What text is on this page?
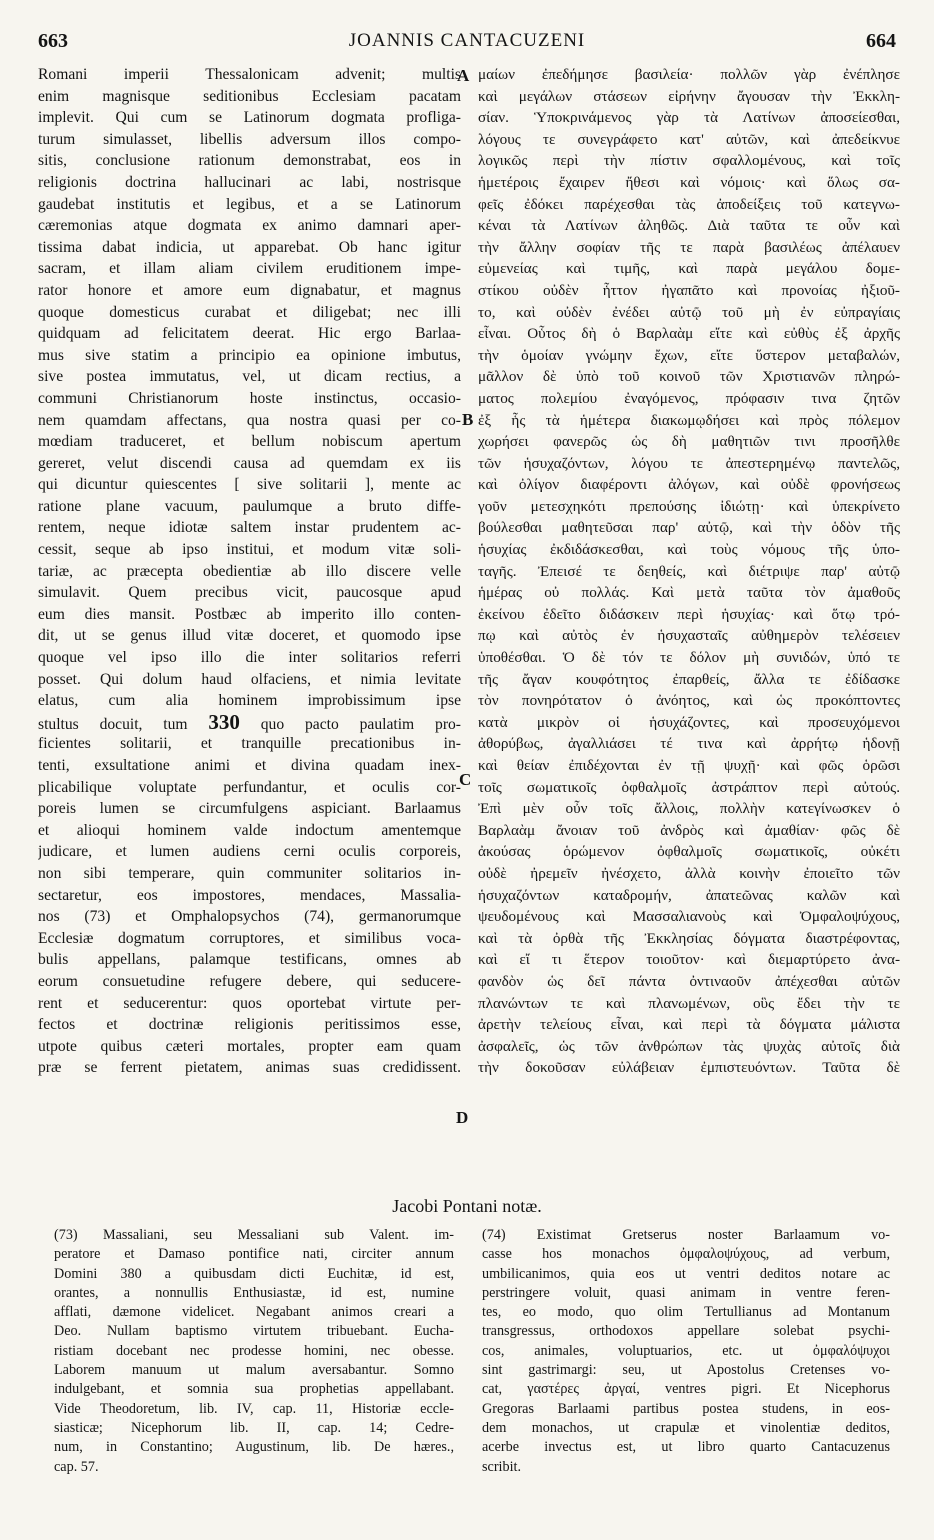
663	JOANNIS CANTACUZENI	664
Romani imperii Thessalonicam advenit; multis
enim magnisque seditionibus Ecclesiam pacatam
implevit. Qui cum se Latinorum dogmata profliga-
turum simulasset, libellis adversum illos compo-
sitis, conclusione rationum demonstrabat, eos in
religionis doctrina hallucinari ac labi, nostrisque
gaudebat institutis et legibus, et a se Latinorum
cæremonias atque dogmata ex animo damnari aper-
tissima dabat indicia, ut apparebat. Ob hanc igitur
sacram, et illam aliam civilem eruditionem impe-
rator honore et amore eum dignabatur, et magnus
quoque domesticus curabat et diligebat; nec illi
quidquam ad felicitatem deerat. Hic ergo Barlaa-
mus sive statim a principio ea opinione imbutus,
sive postea immutatus, vel, ut dicam rectius, a
communi Christianorum hoste instinctus, occasio-
nem quamdam affectans, qua nostra quasi per co-
mœdiam traduceret, et bellum nobiscum apertum
gereret, velut discendi causa ad quemdam ex iis
qui dicuntur quiescentes [ sive solitarii ], mente ac
ratione plane vacuum, paulumque a bruto diffe-
rentem, neque idiotæ saltem instar prudentem ac-
cessit, seque ab ipso institui, et modum vitæ soli-
tariæ, ac præcepta obedientiæ ab illo discere velle
simulavit. Quem precibus vicit, paucosque apud
eum dies mansit. Postbæc ab imperito illo conten-
dit, ut se genus illud vitæ doceret, et quomodo ipse
quoque vel ipso illo die inter solitarios referri
posset. Qui dolum haud olfaciens, et nimia levitate
elatus, cum alia hominem improbissimum ipse
stultus docuit, tum 330 quo pacto paulatim pro-
ficientes solitarii, et tranquille precationibus in-
tenti, exsultatione animi et divina quadam inex-
plicabilique voluptate perfundantur, et oculis cor-
poreis lumen se circumfulgens aspiciant. Barlaamus
et alioqui hominem valde indoctum amentemque
judicare, et lumen audiens cerni oculis corporeis,
non sibi temperare, quin communiter solitarios in-
sectaretur, eos impostores, mendaces, Massalia-
nos (73) et Omphalopsychos (74), germanorumque
Ecclesiæ dogmatum corruptores, et similibus voca-
bulis appellans, palamque testificans, omnes ab
eorum consuetudine refugere debere, qui seducere-
rent et seducerentur: quos oportebat virtute per-
fectos et doctrinæ religionis peritissimos esse,
utpote quibus cæteri mortales, propter eam quam
præ se ferrent pietatem, animas suas credidissent.
μαίων ἐπεδήμησε βασιλεία· πολλῶν γὰρ ἐνέπλησε
καὶ μεγάλων στάσεων εἰρήνην ἄγουσαν τὴν Ἐκκλη-
σίαν. Ὑποκρινάμενος γὰρ τὰ Λατίνων ἀποσείεσθαι,
λόγους τε συνεγράφετο κατ' αὐτῶν, καὶ ἀπεδείκνυε
λογικῶς περὶ τὴν πίστιν σφαλλομένους, καὶ τοῖς
ἡμετέροις ἔχαιρεν ἤθεσι καὶ νόμοις· καὶ ὅλως σα-
φεῖς ἐδόκει παρέχεσθαι τὰς ἀποδείξεις τοῦ κατεγνω-
κέναι τὰ Λατίνων ἀληθῶς. Διὰ ταῦτα τε οὖν καὶ
τὴν ἄλλην σοφίαν τῆς τε παρὰ βασιλέως ἀπέλαυεν
εὐμενείας καὶ τιμῆς, καὶ παρὰ μεγάλου δομε-
στίκου οὐδὲν ἧττον ἠγαπᾶτο καὶ προνοίας ἠξιοῦ-
το, καὶ οὐδὲν ἐνέδει αὐτῷ τοῦ μὴ ἐν εὐπραγίαις
εἶναι. Οὗτος δὴ ὁ Βαρλαὰμ εἴτε καὶ εὐθὺς ἐξ ἀρχῆς
τὴν ὁμοίαν γνώμην ἔχων, εἴτε ὕστερον μεταβαλών,
μᾶλλον δὲ ὑπὸ τοῦ κοινοῦ τῶν Χριστιανῶν πληρώ-
ματος πολεμίου ἐναγόμενος, πρόφασιν τινα ζητῶν
ἐξ ἧς τὰ ἡμέτερα διακωμῳδήσει καὶ πρὸς πόλεμον
χωρήσει φανερῶς ὡς δὴ μαθητιῶν τινι προσῆλθε
τῶν ἡσυχαζόντων, λόγου τε ἀπεστερημένῳ παντελῶς,
καὶ ὀλίγον διαφέροντι ἀλόγων, καὶ οὐδὲ φρονήσεως
γοῦν μετεσχηκότι πρεπούσης ἰδιώτῃ· καὶ ὑπεκρίνετο
βούλεσθαι μαθητεῦσαι παρ' αὐτῷ, καὶ τὴν ὁδὸν τῆς
ἡσυχίας ἐκδιδάσκεσθαι, καὶ τοὺς νόμους τῆς ὑπο-
ταγῆς. Ἐπεισέ τε δεηθείς, καὶ διέτριψε παρ' αὐτῷ
ἡμέρας οὐ πολλάς. Καὶ μετὰ ταῦτα τὸν ἀμαθοῦς
ἐκείνου ἐδεῖτο διδάσκειν περὶ ἡσυχίας· καὶ ὅτῳ τρό-
πῳ καὶ αὐτὸς ἐν ἡσυχασταῖς αὐθημερὸν τελέσειεν
ὑποθέσθαι. Ὁ δὲ τόν τε δόλον μὴ συνιδών, ὑπό τε
τῆς ἄγαν κουφότητος ἐπαρθείς, ἄλλα τε ἐδίδασκε
τὸν πονηρότατον ὁ ἀνόητος, καὶ ὡς προκόπτοντες
κατὰ μικρὸν οἱ ἡσυχάζοντες, καὶ προσευχόμενοι
ἀθορύβως, ἀγαλλιάσει τέ τινα καὶ ἀρρήτῳ ἡδονῇ
καὶ θείαν ἐπιδέχονται ἐν τῇ ψυχῇ· καὶ φῶς ὁρῶσι
τοῖς σωματικοῖς ὀφθαλμοῖς ἀστράπτον περὶ αὐτούς.
Ἐπὶ μὲν οὖν τοῖς ἄλλοις, πολλὴν κατεγίνωσκεν ὁ
Βαρλαὰμ ἄνοιαν τοῦ ἀνδρὸς καὶ ἀμαθίαν· φῶς δὲ
ἀκούσας ὁρώμενον ὀφθαλμοῖς σωματικοῖς, οὐκέτι
οὐδὲ ἠρεμεῖν ἠνέσχετο, ἀλλὰ κοινὴν ἐποιεῖτο τῶν
ἡσυχαζόντων καταδρομήν, ἀπατεῶνας καλῶν καὶ
ψευδομένους καὶ Μασσαλιανοὺς καὶ Ὀμφαλοψύχους,
καὶ τὰ ὀρθὰ τῆς Ἐκκλησίας δόγματα διαστρέφοντας,
καὶ εἴ τι ἕτερον τοιοῦτον· καὶ διεμαρτύρετο ἀνα-
φανδὸν ὡς δεῖ πάντα ὀντιναοῦν ἀπέχεσθαι αὐτῶν
πλανώντων τε καὶ πλανωμένων, οὓς ἔδει τὴν τε
ἀρετὴν τελείους εἶναι, καὶ περὶ τὰ δόγματα μάλιστα
ἀσφαλεῖς, ὡς τῶν ἀνθρώπων τὰς ψυχὰς αὐτοῖς διὰ
τὴν δοκοῦσαν εὐλάβειαν ἐμπιστευόντων. Ταῦτα δὲ
A
B
C
D
Jacobi Pontani notæ.
(73) Massaliani, seu Messaliani sub Valent. im-
peratore et Damaso pontifice nati, circiter annum
Domini 380 a quibusdam dicti Euchitæ, id est,
orantes, a nonnullis Enthusiastæ, id est, numine
afflati, dæmone videlicet. Negabant animos creari a
Deo. Nullam baptismo virtutem tribuebant. Eucha-
ristiam docebant nec prodesse homini, nec obesse.
Laborem manuum ut malum aversabantur. Somno
indulgebant, et somnia sua prophetias appellabant.
Vide Theodoretum, lib. IV, cap. 11, Historiæ eccle-
siasticæ; Nicephorum lib. II, cap. 14; Cedre-
num, in Constantino; Augustinum, lib. De hæres.,
cap. 57.
(74) Existimat Gretserus noster Barlaamum vo-
casse hos monachos ὀμφαλοψύχους, ad verbum,
umbilicanimos, quia eos ut ventri deditos notare ac
perstringere voluit, quasi animam in ventre feren-
tes, eo modo, quo olim Tertullianus ad Montanum
transgressus, orthodoxos appellare solebat psychi-
cos, animales, voluptuarios, etc. ut ὀμφαλόψυχοι
sint gastrimargi: seu, ut Apostolus Cretenses vo-
cat, γαστέρες ἀργαί, ventres pigri. Et Nicephorus
Gregoras Barlaami partibus postea studens, in eos-
dem monachos, ut crapulæ et vinolentiæ deditos,
acerbe invectus est, ut libro quarto Cantacuzenus
scribit.
